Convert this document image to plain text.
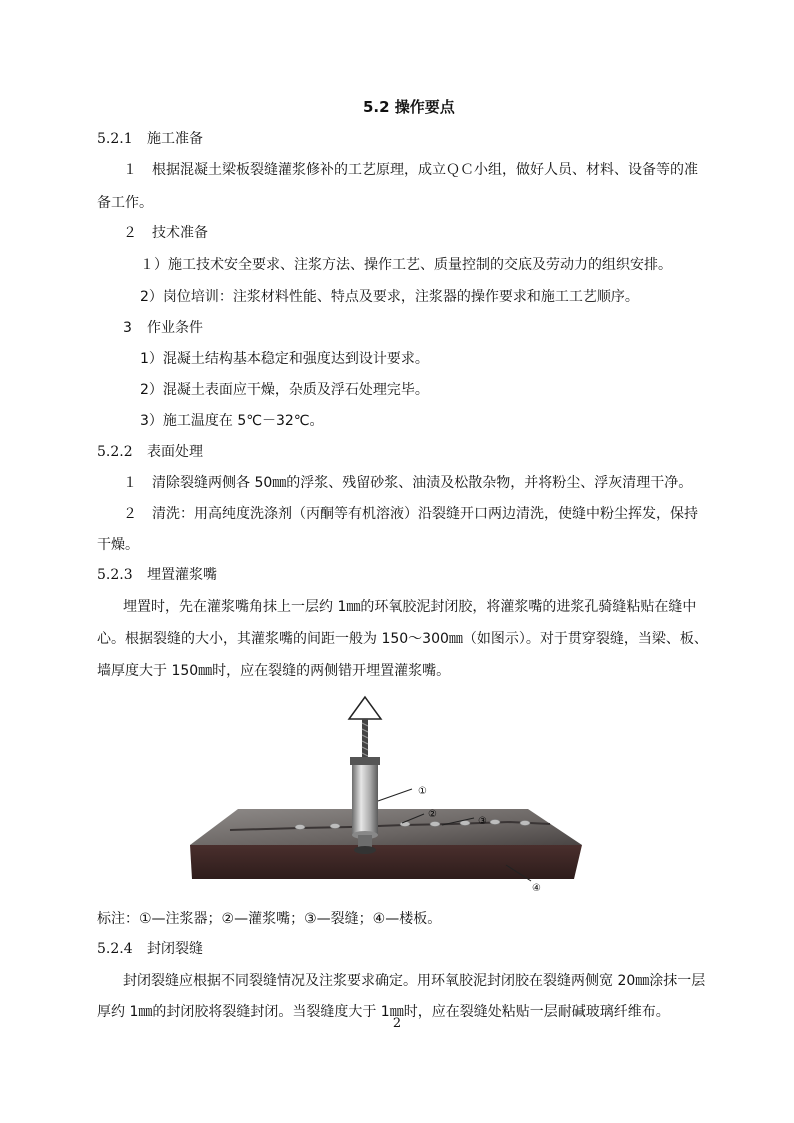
5.2 操作要点
5.2.1 施工准备
１ 根据混凝土梁板裂缝灌浆修补的工艺原理，成立ＱＣ小组，做好人员、材料、设备等的准
备工作。
２ 技术准备
１）施工技术安全要求、注浆方法、操作工艺、质量控制的交底及劳动力的组织安排。
2）岗位培训：注浆材料性能、特点及要求，注浆器的操作要求和施工工艺顺序。
3 作业条件
1）混凝土结构基本稳定和强度达到设计要求。
2）混凝土表面应干燥，杂质及浮石处理完毕。
3）施工温度在 5℃－32℃。
5.2.2 表面处理
１ 清除裂缝两侧各 50㎜的浮浆、残留砂浆、油渍及松散杂物，并将粉尘、浮灰清理干净。
２ 清洗：用高纯度洗涤剂（丙酮等有机溶液）沿裂缝开口两边清洗，使缝中粉尘挥发，保持
干燥。
5.2.3 埋置灌浆嘴
埋置时，先在灌浆嘴角抹上一层约 1㎜的环氧胶泥封闭胶，将灌浆嘴的进浆孔骑缝粘贴在缝中
心。根据裂缝的大小，其灌浆嘴的间距一般为 150～300㎜（如图示）。对于贯穿裂缝，当梁、板、
墙厚度大于 150㎜时，应在裂缝的两侧错开埋置灌浆嘴。
①
②
③
④
标注：①—注浆器；②—灌浆嘴；③—裂缝；④—楼板。
5.2.4 封闭裂缝
封闭裂缝应根据不同裂缝情况及注浆要求确定。用环氧胶泥封闭胶在裂缝两侧宽 20㎜涂抹一层
厚约 1㎜的封闭胶将裂缝封闭。当裂缝度大于 1㎜时，应在裂缝处粘贴一层耐碱玻璃纤维布。
2
